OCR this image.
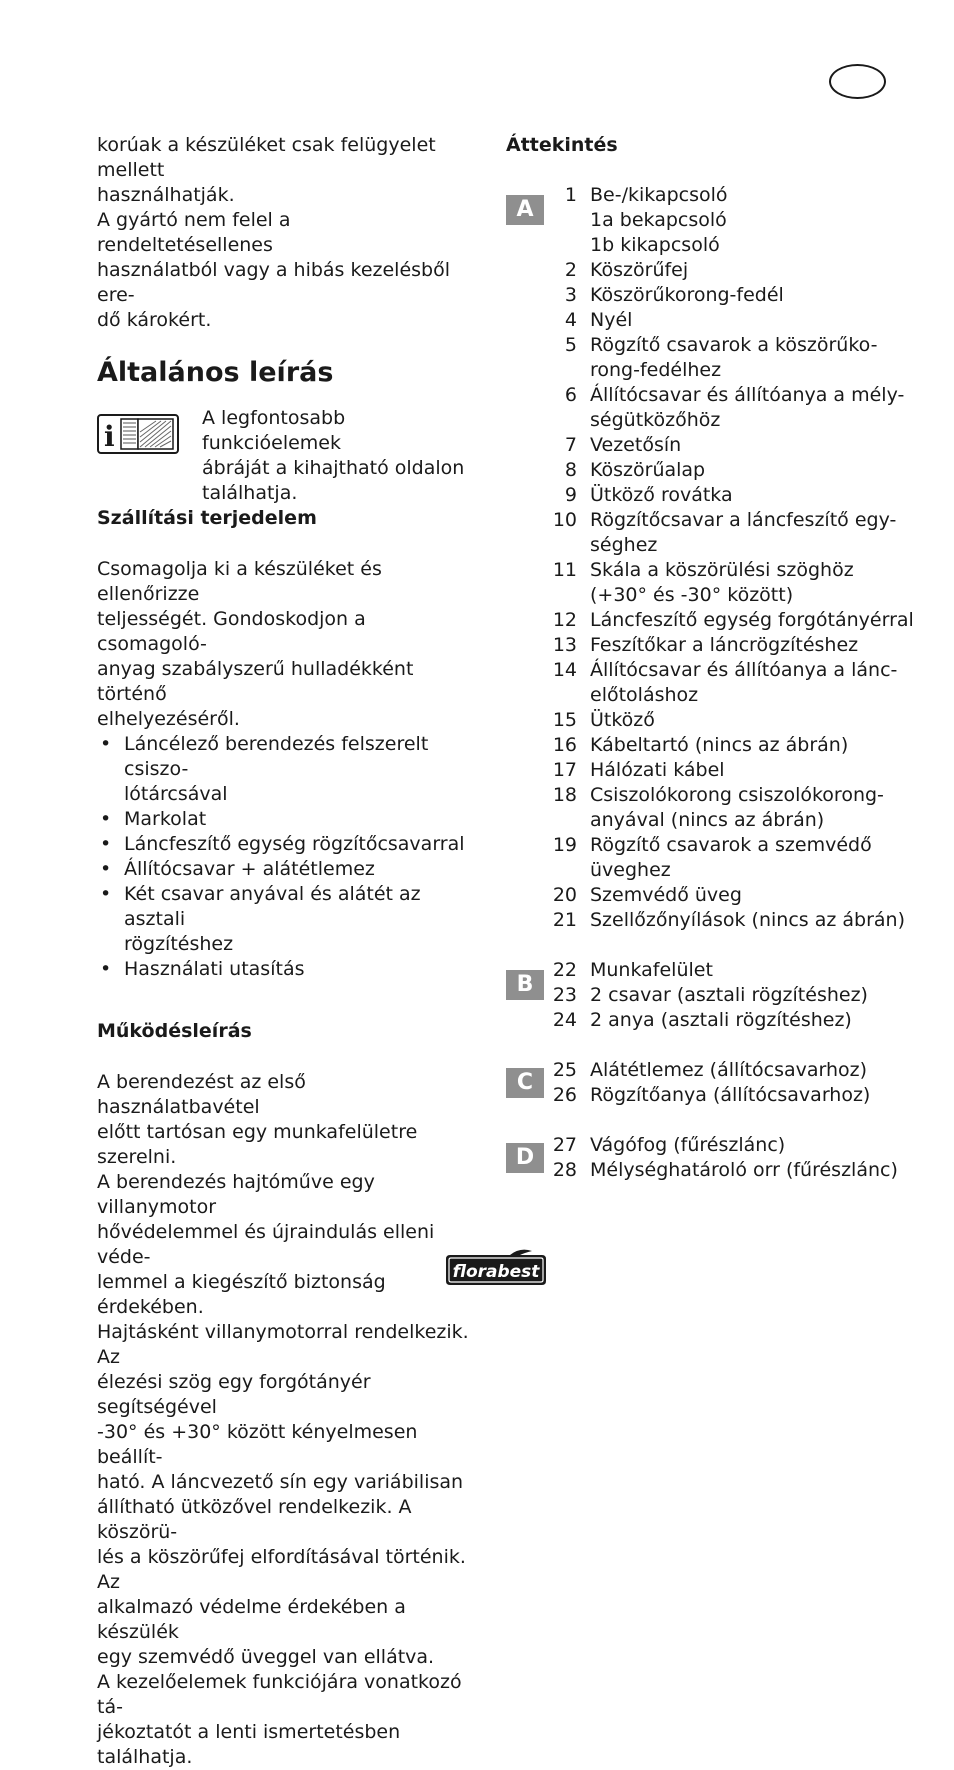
korúak a készüléket csak felügyelet mellett

használhatják.

A gyártó nem felel a rendeltetésellenes

használatból vagy a hibás kezelésből ere-

dő károkért.

Általános leírás
i

A legfontosabb funkcióelemek

ábráját a kihajtható oldalon

találhatja.

Szállítási terjedelem

Csomagolja ki a készüléket és ellenőrizze

teljességét. Gondoskodjon a csomagoló-

anyag szabályszerű hulladékként történő

elhelyezéséről.

• Láncélező berendezés felszerelt csiszo-
lótárcsával
• Markolat
• Láncfeszítő egység rögzítőcsavarral
• Állítócsavar + alátétlemez
• Két csavar anyával és alátét az asztali
rögzítéshez
• Használati utasítás
Működésleírás

A berendezést az első használatbavétel

előtt tartósan egy munkafelületre szerelni.

A berendezés hajtóműve egy villanymotor

hővédelemmel és újraindulás elleni véde-

lemmel a kiegészítő biztonság érdekében.

Hajtásként villanymotorral rendelkezik. Az

élezési szög egy forgótányér segítségével

-30° és +30° között kényelmesen beállít-

ható. A láncvezető sín egy variábilisan

állítható ütközővel rendelkezik. A köszörü-

lés a köszörűfej elfordításával történik. Az

alkalmazó védelme érdekében a készülék

egy szemvédő üveggel van ellátva.

A kezelőelemek funkciójára vonatkozó tá-

jékoztatót a lenti ismertetésben találhatja.

Áttekintés
A
B
C
D
1 Be-/kikapcsoló
1a bekapcsoló
1b kikapcsoló
2 Köszörűfej
3 Köszörűkorong-fedél
4 Nyél
5 Rögzítő csavarok a köszörűko-
rong-fedélhez
6 Állítócsavar és állítóanya a mély-
ségütközőhöz
7 Vezetősín
8 Köszörűalap
9 Ütköző rovátka
10 Rögzítőcsavar a láncfeszítő egy-
séghez
11 Skála a köszörülési szöghöz
(+30° és -30° között)
12 Láncfeszítő egység forgótányérral
13 Feszítőkar a láncrögzítéshez
14 Állítócsavar és állítóanya a lánc-
előtoláshoz
15 Ütköző
16 Kábeltartó (nincs az ábrán)
17 Hálózati kábel
18 Csiszolókorong csiszolókorong-
anyával (nincs az ábrán)
19 Rögzítő csavarok a szemvédő
üveghez
20 Szemvédő üveg
21 Szellőzőnyílások (nincs az ábrán)
22 Munkafelület
23 2 csavar (asztali rögzítéshez)
24 2 anya (asztali rögzítéshez)
25 Alátétlemez (állítócsavarhoz)
26 Rögzítőanya (állítócsavarhoz)
27 Vágófog (fűrészlánc)
28 Mélységhatároló orr (fűrészlánc)
florabest
